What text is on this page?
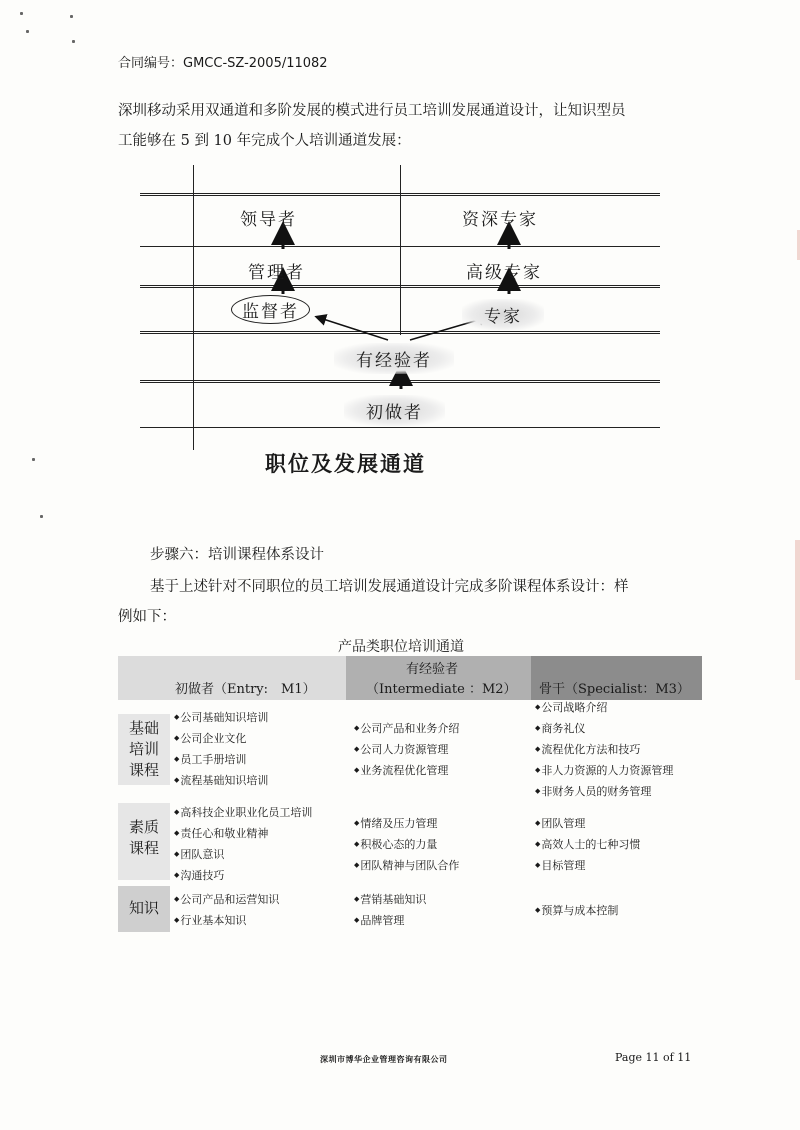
合同编号：GMCC-SZ-2005/11082
深圳移动采用双通道和多阶发展的模式进行员工培训发展通道设计，让知识型员
工能够在 5 到 10 年完成个人培训通道发展：
领导者
管理者
监督者
资深专家
高级专家
专家
有经验者
初做者
职位及发展通道
步骤六：培训课程体系设计
基于上述针对不同职位的员工培训发展通道设计完成多阶课程体系设计：样
例如下：
产品类职位培训通道
初做者（Entry:　M1）
有经验者
（Intermediate ：M2） 骨干（Specialist：M3）
基础
培训
课程
◆ 公司基础知识培训
◆ 公司企业文化
◆ 员工手册培训
◆ 流程基础知识培训
◆ 公司产品和业务介绍
◆ 公司人力资源管理
◆ 业务流程优化管理
◆ 公司战略介绍
◆ 商务礼仪
◆ 流程优化方法和技巧
◆ 非人力资源的人力资源管理
◆ 非财务人员的财务管理
素质
课程
◆ 高科技企业职业化员工培训
◆ 责任心和敬业精神
◆ 团队意识
◆ 沟通技巧
◆ 情绪及压力管理
◆ 积极心态的力量
◆ 团队精神与团队合作
◆ 团队管理
◆ 高效人士的七种习惯
◆ 目标管理
知识
◆	公司产品和运营知识
◆ 行业基本知识
◆ 营销基础知识
◆ 品牌管理
◆ 预算与成本控制
深圳市博华企业管理咨询有限公司	Page 11 of 11
